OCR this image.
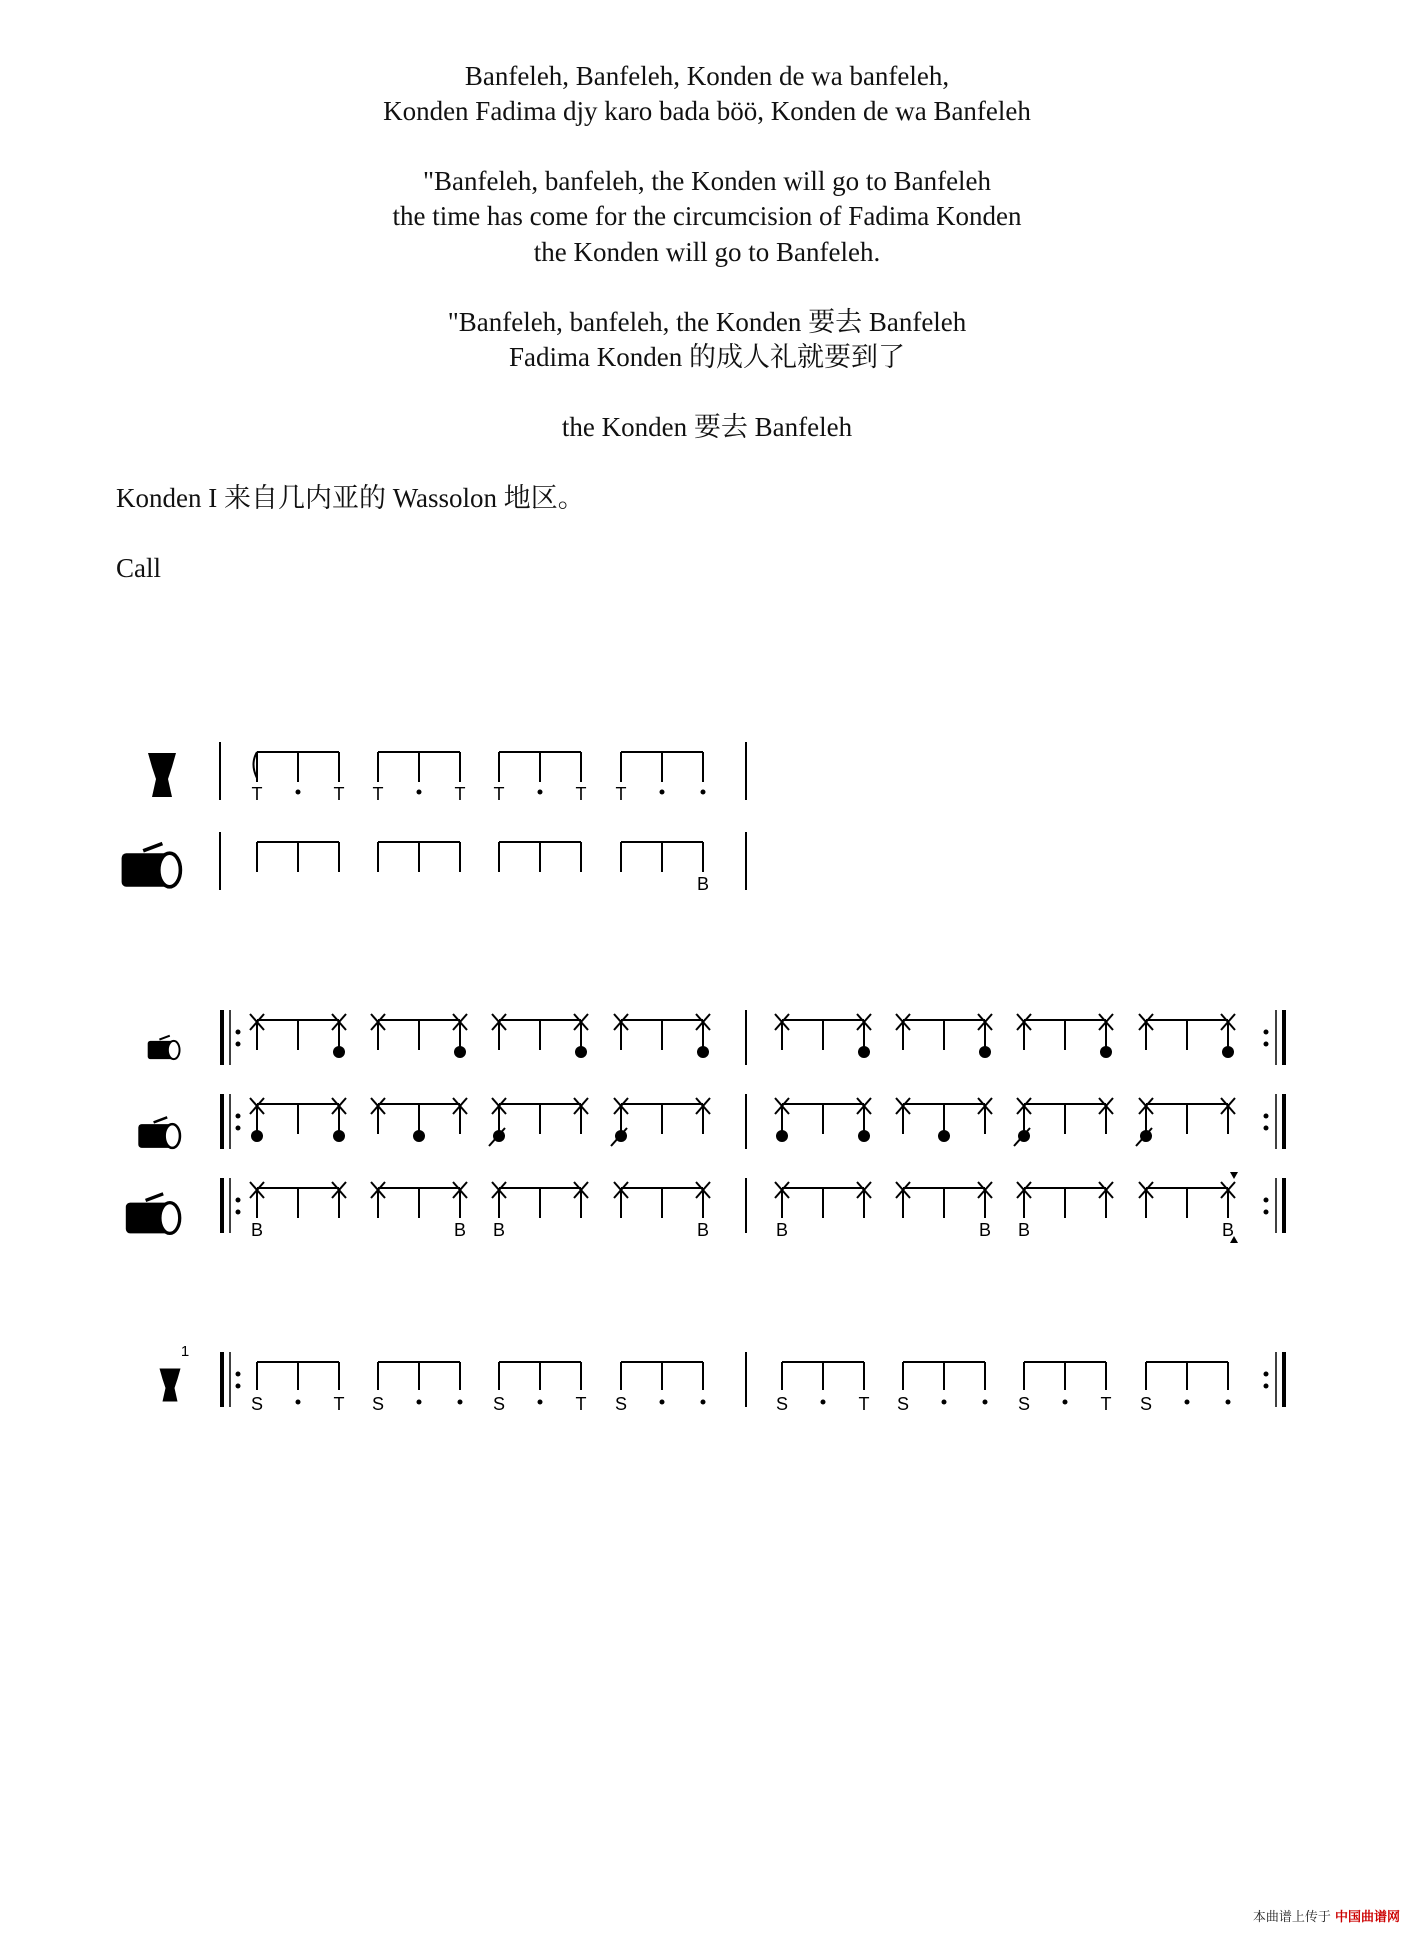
Banfeleh, Banfeleh, Konden de wa banfeleh,
Konden Fadima djy karo bada böö, Konden de wa Banfeleh
"Banfeleh, banfeleh, the Konden will go to Banfeleh
the time has come for the circumcision of Fadima Konden
the Konden will go to Banfeleh.
"Banfeleh, banfeleh, the Konden 要去 Banfeleh
Fadima Konden 的成人礼就要到了
the Konden 要去 Banfeleh
Konden I 来自几内亚的 Wassolon 地区。
Call
T	T T	T T	T T
B
B	B B	B	B	B B	B
1
S	T S	S	T S	S	T S	S	T S
本曲谱上传于 中国曲谱网
